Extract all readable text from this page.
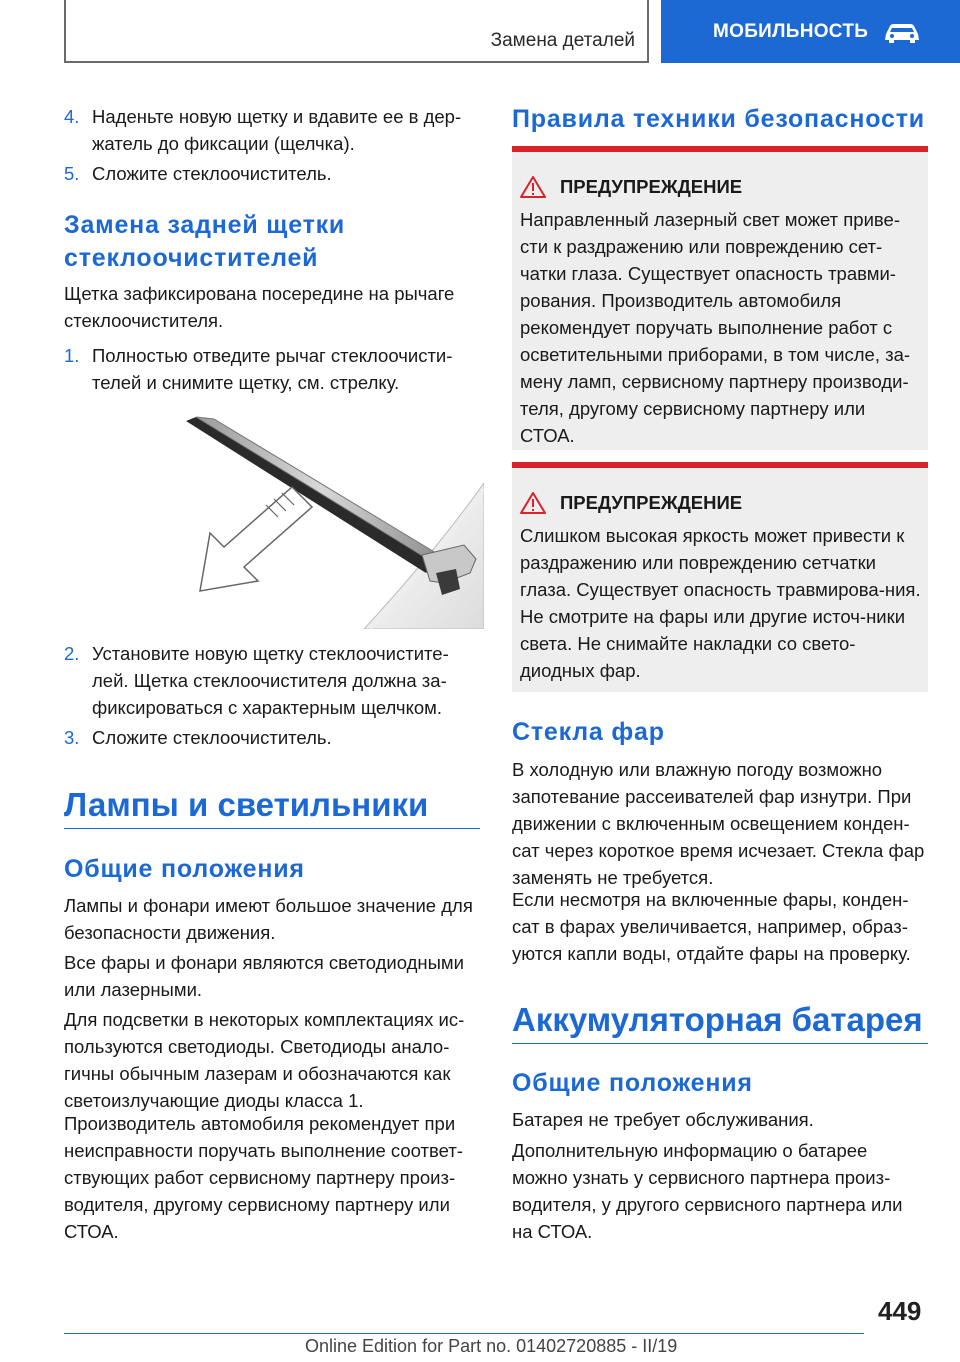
Замена деталей	МОБИЛЬНОСТЬ
4. Наденьте новую щетку и вдавите ее в дер-жатель до фиксации (щелчка).

5. Сложите стеклоочиститель.

Замена задней щетки стеклоочистителей

Щетка зафиксирована посередине на рычаге стеклоочистителя.

1. Полностью отведите рычаг стеклоочисти-телей и снимите щетку, см. стрелку.

2. Установите новую щетку стеклоочистите-лей. Щетка стеклоочистителя должна за-фиксироваться с характерным щелчком.

3. Сложите стеклоочиститель.

Лампы и светильники
Общие положения

Лампы и фонари имеют большое значение для безопасности движения.

Все фары и фонари являются светодиодными или лазерными.

Для подсветки в некоторых комплектациях ис-пользуются светодиоды. Светодиоды анало-гичны обычным лазерам и обозначаются как светоизлучающие диоды класса 1.

Производитель автомобиля рекомендует при неисправности поручать выполнение соответ-ствующих работ сервисному партнеру произ-водителя, другому сервисному партнеру или СТОА.

Правила техники безопасности
ПРЕДУПРЕЖДЕНИЕ

Направленный лазерный свет может приве-сти к раздражению или повреждению сет-чатки глаза. Существует опасность травми-рования. Производитель автомобиля рекомендует поручать выполнение работ с осветительными приборами, в том числе, за-мену ламп, сервисному партнеру производи-теля, другому сервисному партнеру или СТОА.

ПРЕДУПРЕЖДЕНИЕ

Слишком высокая яркость может привести к раздражению или повреждению сетчатки глаза. Существует опасность травмирова-ния. Не смотрите на фары или другие источ-ники света. Не снимайте накладки со свето-диодных фар.

Стекла фар

В холодную или влажную погоду возможно запотевание рассеивателей фар изнутри. При движении с включенным освещением конден-сат через короткое время исчезает. Стекла фар заменять не требуется.

Если несмотря на включенные фары, конден-сат в фарах увеличивается, например, образ-уются капли воды, отдайте фары на проверку.

Аккумуляторная батарея
Общие положения

Батарея не требует обслуживания.

Дополнительную информацию о батарее можно узнать у сервисного партнера произ-водителя, у другого сервисного партнера или на СТОА.

449
Online Edition for Part no. 01402720885 - II/19
